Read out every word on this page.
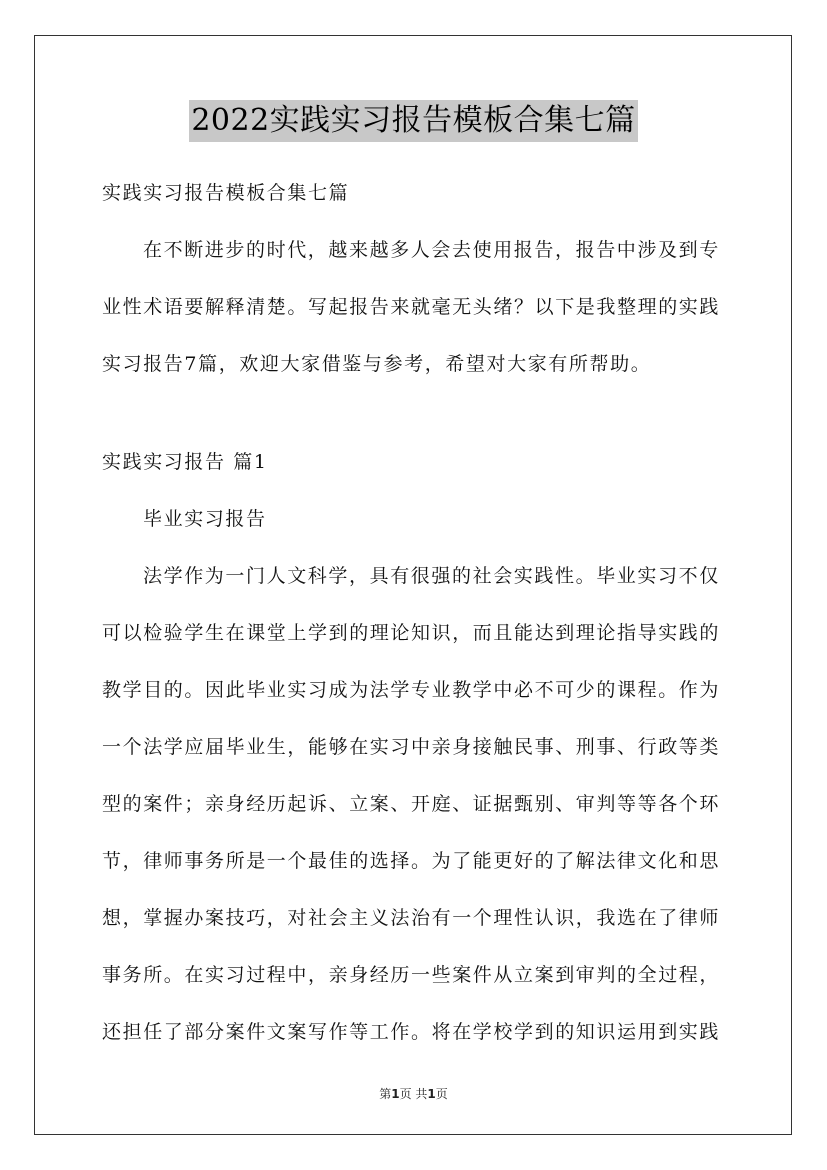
2022实践实习报告模板合集七篇
实践实习报告模板合集七篇
在不断进步的时代，越来越多人会去使用报告，报告中涉及到专
业性术语要解释清楚。写起报告来就毫无头绪？以下是我整理的实践
实习报告7篇，欢迎大家借鉴与参考，希望对大家有所帮助。
实践实习报告 篇1
毕业实习报告
法学作为一门人文科学，具有很强的社会实践性。毕业实习不仅
可以检验学生在课堂上学到的理论知识，而且能达到理论指导实践的
教学目的。因此毕业实习成为法学专业教学中必不可少的课程。作为
一个法学应届毕业生，能够在实习中亲身接触民事、刑事、行政等类
型的案件；亲身经历起诉、立案、开庭、证据甄别、审判等等各个环
节，律师事务所是一个最佳的选择。为了能更好的了解法律文化和思
想，掌握办案技巧，对社会主义法治有一个理性认识，我选在了律师
事务所。在实习过程中，亲身经历一些案件从立案到审判的全过程，
还担任了部分案件文案写作等工作。将在学校学到的知识运用到实践
第1页 共1页
